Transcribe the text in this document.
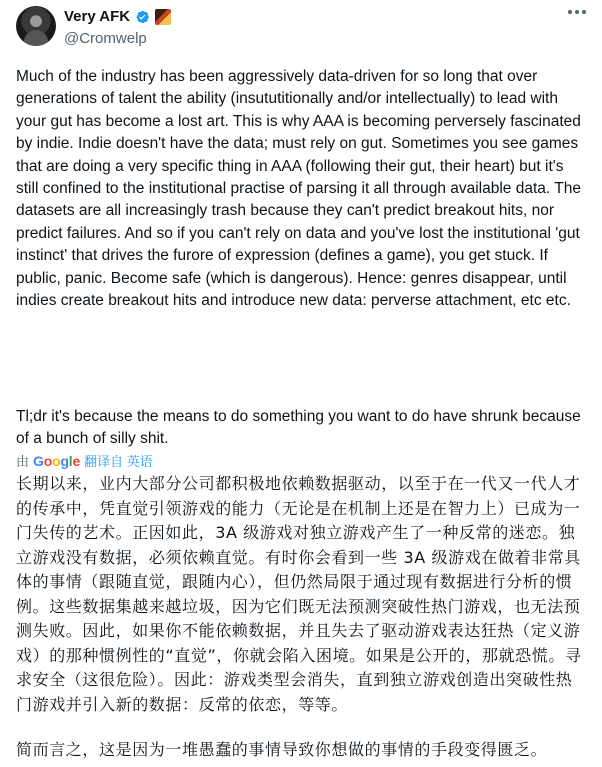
Very AFK
@Cromwelp

Much of the industry has been aggressively data-driven for so long that over generations of talent the ability (insututitionally and/or intellectually) to lead with your gut has become a lost art. This is why AAA is becoming perversely fascinated by indie. Indie doesn't have the data; must rely on gut. Sometimes you see games that are doing a very specific thing in AAA (following their gut, their heart) but it's still confined to the institutional practise of parsing it all through available data. The datasets are all increasingly trash because they can't predict breakout hits, nor predict failures. And so if you can't rely on data and you've lost the institutional 'gut instinct' that drives the furore of expression (defines a game), you get stuck. If public, panic. Become safe (which is dangerous). Hence: genres disappear, until indies create breakout hits and introduce new data: perverse attachment, etc etc.

Tl;dr it's because the means to do something you want to do have shrunk because of a bunch of silly shit.

由 Google 翻译自 英语

长期以来，业内大部分公司都积极地依赖数据驱动，以至于在一代又一代人才的传承中，凭直觉引领游戏的能力（无论是在机制上还是在智力上）已成为一门失传的艺术。正因如此，3A 级游戏对独立游戏产生了一种反常的迷恋。独立游戏没有数据，必须依赖直觉。有时你会看到一些 3A 级游戏在做着非常具体的事情（跟随直觉，跟随内心），但仍然局限于通过现有数据进行分析的惯例。这些数据集越来越垃圾，因为它们既无法预测突破性热门游戏，也无法预测失败。因此，如果你不能依赖数据，并且失去了驱动游戏表达狂热（定义游戏）的那种惯例性的“直觉”，你就会陷入困境。如果是公开的，那就恐慌。寻求安全（这很危险）。因此：游戏类型会消失，直到独立游戏创造出突破性热门游戏并引入新的数据：反常的依恋，等等。

简而言之，这是因为一堆愚蠢的事情导致你想做的事情的手段变得匮乏。
